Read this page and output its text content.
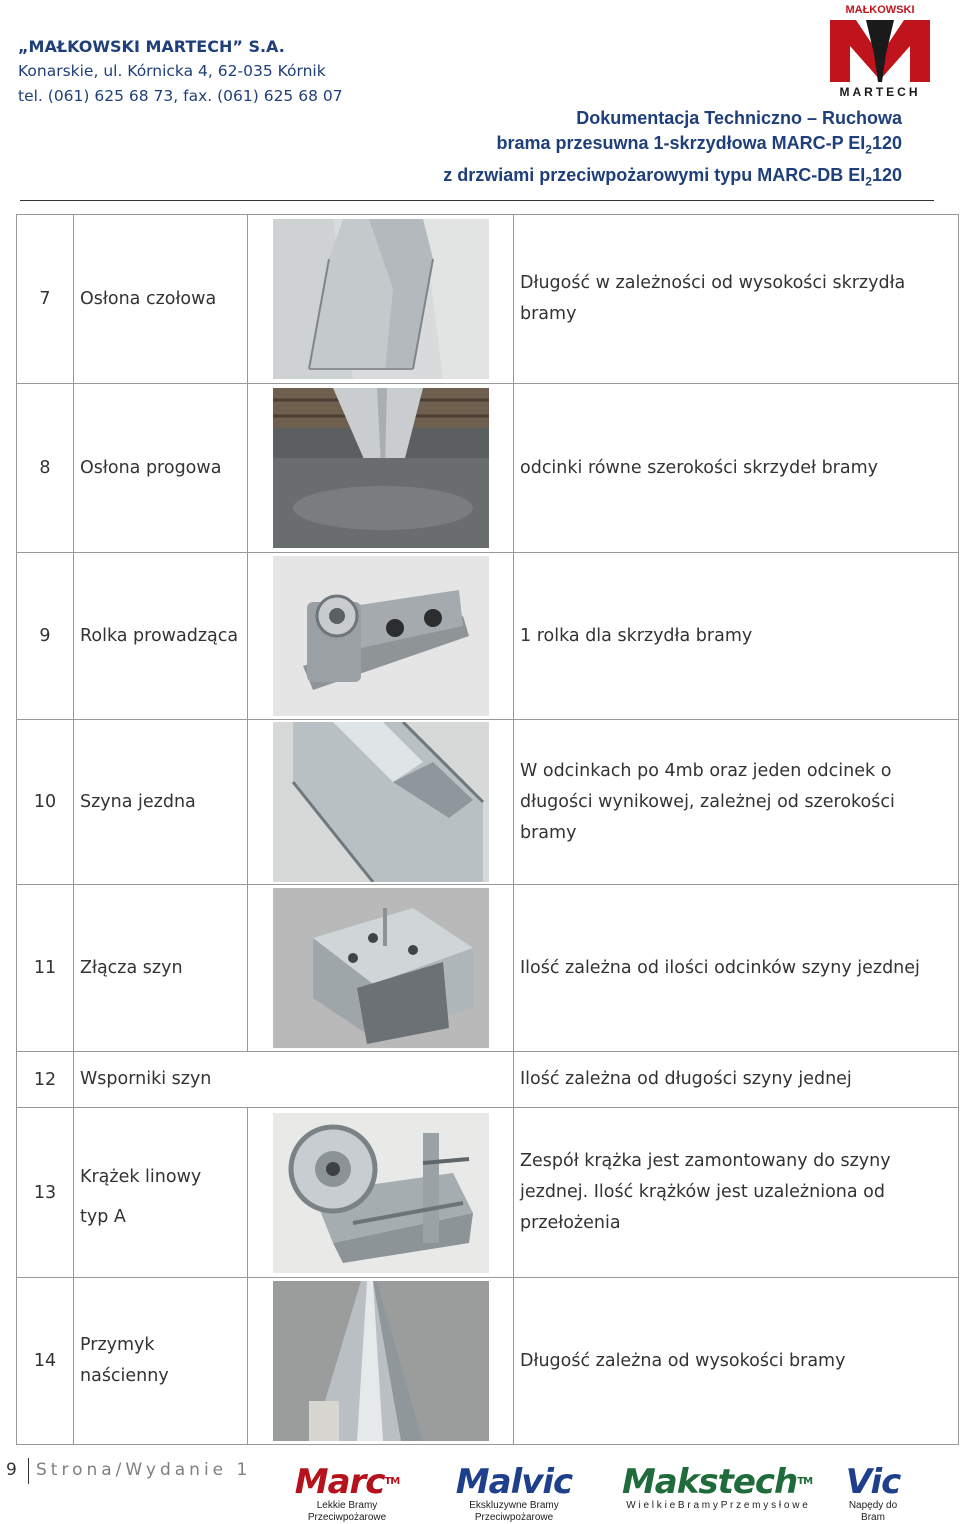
„MAŁKOWSKI MARTECH” S.A.
Konarskie, ul. Kórnicka 4, 62-035 Kórnik
tel. (061) 625 68 73, fax. (061) 625 68 07
MAŁKOWSKI
MARTECH
Dokumentacja Techniczno – Ruchowa
brama przesuwna 1-skrzydłowa MARC-P $EI_2120$
z drzwiami przeciwpożarowymi typu MARC-DB $EI_2120$
7	Osłona czołowa		Długość w zależności od wysokości skrzydła bramy
8	Osłona progowa		odcinki równe szerokości skrzydeł bramy
9	Rolka prowadząca		1 rolka dla skrzydła bramy
10	Szyna jezdna		W odcinkach po 4mb oraz jeden odcinek o długości wynikowej, zależnej od szerokości bramy
11	Złącza szyn		Ilość zależna od ilości odcinków szyny jezdnej
12	Wsporniki szyn		Ilość zależna od długości szyny jednej
13	Krążek linowy
typ A		Zespół krążka jest zamontowany do szyny jezdnej. Ilość krążków jest uzależniona od przełożenia
14	Przymyk naścienny		Długość zależna od wysokości bramy
9 Strona/Wydanie 1	Marc™
Lekkie Bramy Przeciwpożarowe
Malvic
Ekskluzywne Bramy Przeciwpożarowe
Makstech™
W i e l k i e B r a m y P r z e m y s ł o w e
Vic
Napędy do Bram
